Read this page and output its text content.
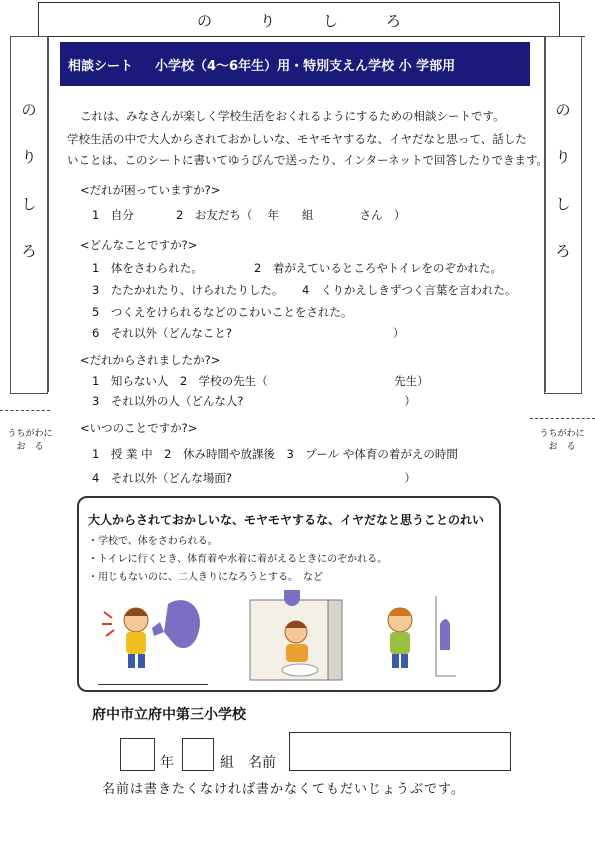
の	り	し	ろ
の
り
し
ろ
の
り
し
ろ
うちがわに
お　る
うちがわに
お　る
相談シート 小学校（4〜6年生）用・特別支えん学校 小 学部用
これは、みなさんが楽しく学校生活をおくれるようにするための相談シートです。
学校生活の中で大人からされておかしいな、モヤモヤするな、イヤだなと思って、話した
いことは、このシートに書いてゆうびんで送ったり、インターネットで回答したりできます。
<だれが困っていますか?>
1　自分	2　お友だち（　 年　　組　　　　さん　）
<どんなことですか?>
1　体をさわられた。	2　着がえているところやトイレをのぞかれた。
3　たたかれたり、けられたりした。 4　くりかえしきずつく言葉を言われた。
5　つくえをけられるなどのこわいことをされた。
6　それ以外（どんなこと?　　　　　　　　　　　　　　）
<だれからされましたか?>
1　知らない人　2　学校の先生（　　　　　　　　　　　先生）
3　それ以外の人（どんな人?　　　　　　　　　　　　　　）
<いつのことですか?>
1　授 業 中　2　休み時間や放課後　3　プール や体育の着がえの時間
4　それ以外（どんな場面?　　　　　　　　　　　　　　　）
大人からされておかしいな、モヤモヤするな、イヤだなと思うことのれい
・学校で、体をさわられる。
・トイレに行くとき、体育着や水着に着がえるときにのぞかれる。
・用じもないのに、二人きりになろうとする。　など
府中市立府中第三小学校
年	組 名前
名前は書きたくなければ書かなくてもだいじょうぶです。
